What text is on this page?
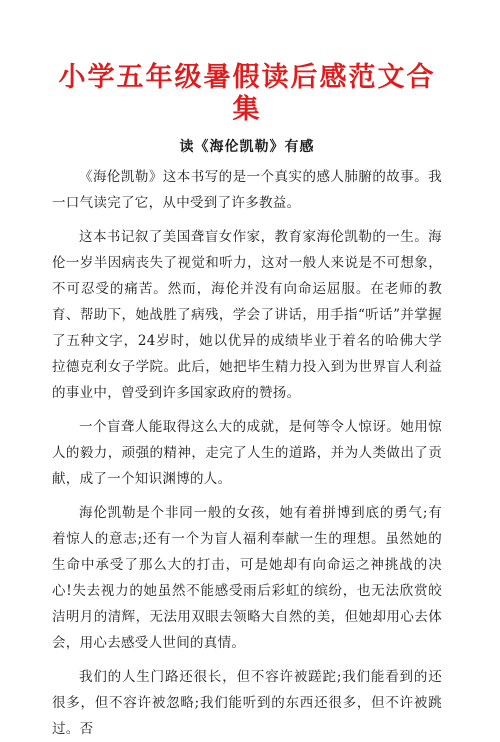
小学五年级暑假读后感范文合集
读《海伦凯勒》有感

《海伦凯勒》这本书写的是一个真实的感人肺腑的故事。我一口气读完了它，从中受到了许多教益。

这本书记叙了美国聋盲女作家，教育家海伦凯勒的一生。海伦一岁半因病丧失了视觉和听力，这对一般人来说是不可想象，不可忍受的痛苦。然而，海伦并没有向命运屈服。在老师的教育、帮助下，她战胜了病残，学会了讲话，用手指“听话”并掌握了五种文字，24岁时，她以优异的成绩毕业于着名的哈佛大学拉德克利女子学院。此后，她把毕生精力投入到为世界盲人利益的事业中，曾受到许多国家政府的赞扬。

一个盲聋人能取得这么大的成就，是何等令人惊讶。她用惊人的毅力，顽强的精神，走完了人生的道路，并为人类做出了贡献，成了一个知识渊博的人。

海伦凯勒是个非同一般的女孩，她有着拼博到底的勇气;有着惊人的意志;还有一个为盲人福利奉献一生的理想。虽然她的生命中承受了那么大的打击，可是她却有向命运之神挑战的决心!失去视力的她虽然不能感受雨后彩虹的缤纷，也无法欣赏皎洁明月的清辉，无法用双眼去领略大自然的美，但她却用心去体会，用心去感受人世间的真情。

我们的人生门路还很长，但不容许被蹉跎;我们能看到的还很多，但不容许被忽略;我们能听到的东西还很多，但不许被跳过。否
